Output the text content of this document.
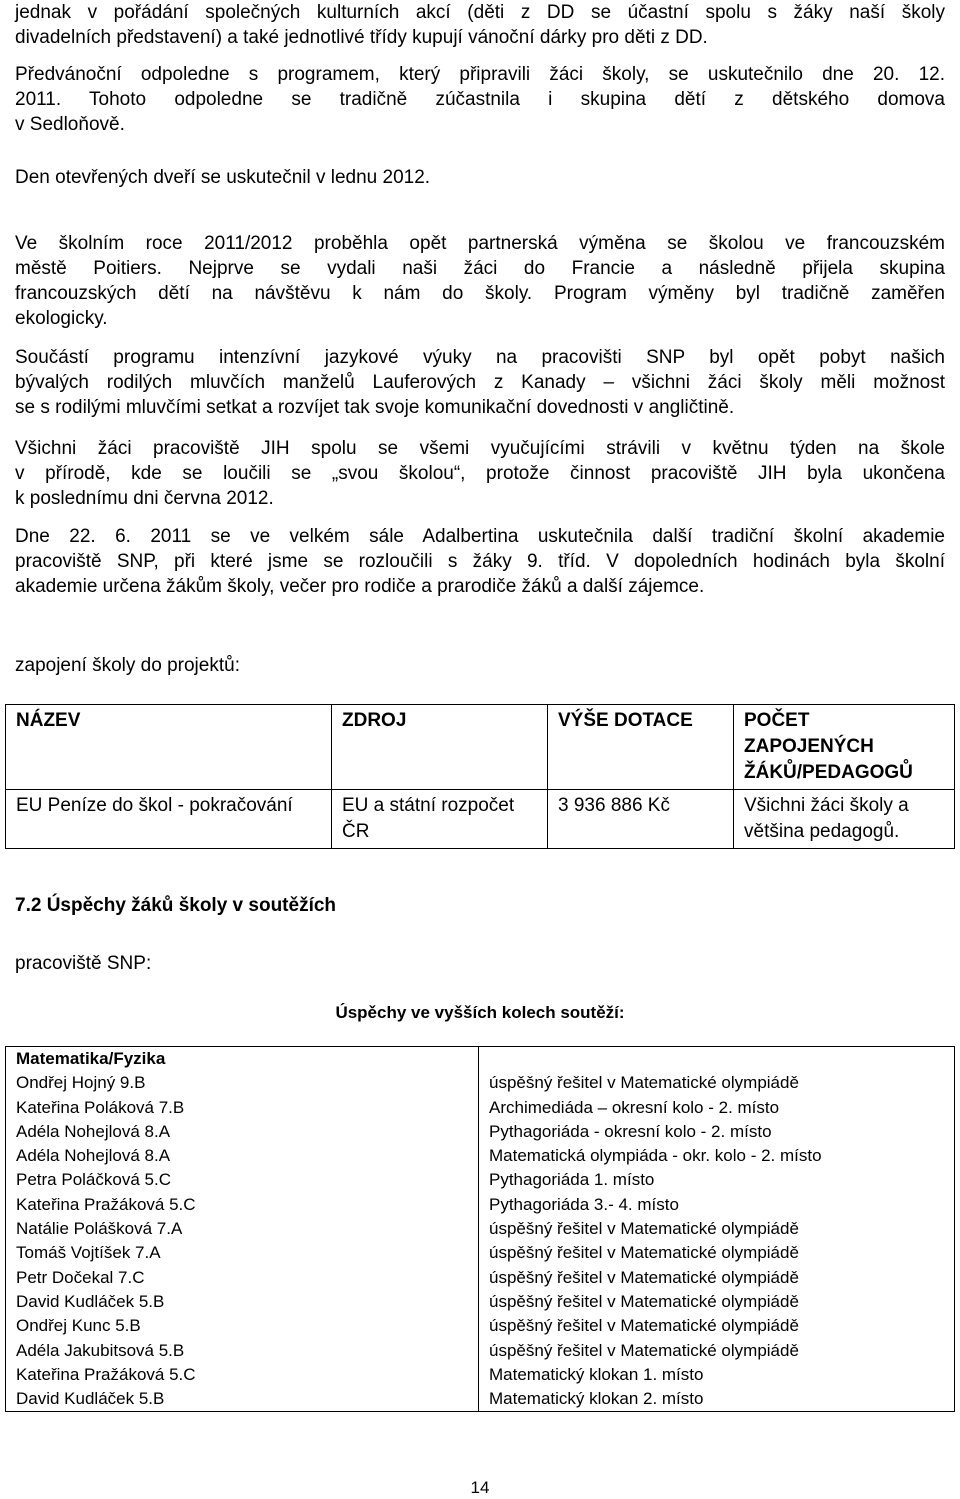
jednak v pořádání společných kulturních akcí (děti z DD se účastní spolu s žáky naší školy
divadelních představení) a také jednotlivé třídy kupují vánoční dárky pro děti z DD.

Předvánoční odpoledne s programem, který připravili žáci školy, se uskutečnilo dne 20. 12.
2011. Tohoto odpoledne se tradičně zúčastnila i skupina dětí z dětského domova
v Sedloňově.

Den otevřených dveří se uskutečnil v lednu 2012.

Ve školním roce 2011/2012 proběhla opět partnerská výměna se školou ve francouzském
městě Poitiers. Nejprve se vydali naši žáci do Francie a následně přijela skupina
francouzských dětí na návštěvu k nám do školy. Program výměny byl tradičně zaměřen
ekologicky.

Součástí programu intenzívní jazykové výuky na pracovišti SNP byl opět pobyt našich
bývalých rodilých mluvčích manželů Lauferových z Kanady – všichni žáci školy měli možnost
se s rodilými mluvčími setkat a rozvíjet tak svoje komunikační dovednosti v angličtině.

Všichni žáci pracoviště JIH spolu se všemi vyučujícími strávili v květnu týden na škole
v přírodě, kde se loučili se „svou školou“, protože činnost pracoviště JIH byla ukončena
k poslednímu dni června 2012.

Dne 22. 6. 2011 se ve velkém sále Adalbertina uskutečnila další tradiční školní akademie
pracoviště SNP, při které jsme se rozloučili s žáky 9. tříd. V dopoledních hodinách byla školní
akademie určena žákům školy, večer pro rodiče a prarodiče žáků a další zájemce.

zapojení školy do projektů:

NÁZEV	ZDROJ	VÝŠE DOTACE	POČET ZAPOJENÝCH ŽÁKŮ/PEDAGOGŮ

EU Peníze do škol - pokračování	EU a státní rozpočet ČR	3 936 886 Kč	Všichni žáci školy a většina pedagogů.

7.2 Úspěchy žáků školy v soutěžích

pracoviště SNP:

Úspěchy ve vyšších kolech soutěží:

Matematika/Fyzika	
Ondřej Hojný 9.B	úspěšný řešitel v Matematické olympiádě
Kateřina Poláková 7.B	Archimediáda – okresní kolo - 2. místo
Adéla Nohejlová 8.A	Pythagoriáda - okresní kolo - 2. místo
Adéla Nohejlová 8.A	Matematická olympiáda - okr. kolo - 2. místo
Petra Poláčková 5.C	Pythagoriáda 1. místo
Kateřina Pražáková 5.C	Pythagoriáda 3.- 4. místo
Natálie Polášková 7.A	úspěšný řešitel v Matematické olympiádě
Tomáš Vojtíšek 7.A	úspěšný řešitel v Matematické olympiádě
Petr Dočekal 7.C	úspěšný řešitel v Matematické olympiádě
David Kudláček 5.B	úspěšný řešitel v Matematické olympiádě
Ondřej Kunc 5.B	úspěšný řešitel v Matematické olympiádě
Adéla Jakubitsová 5.B	úspěšný řešitel v Matematické olympiádě
Kateřina Pražáková 5.C	Matematický klokan 1. místo
David Kudláček 5.B	Matematický klokan 2. místo
14
